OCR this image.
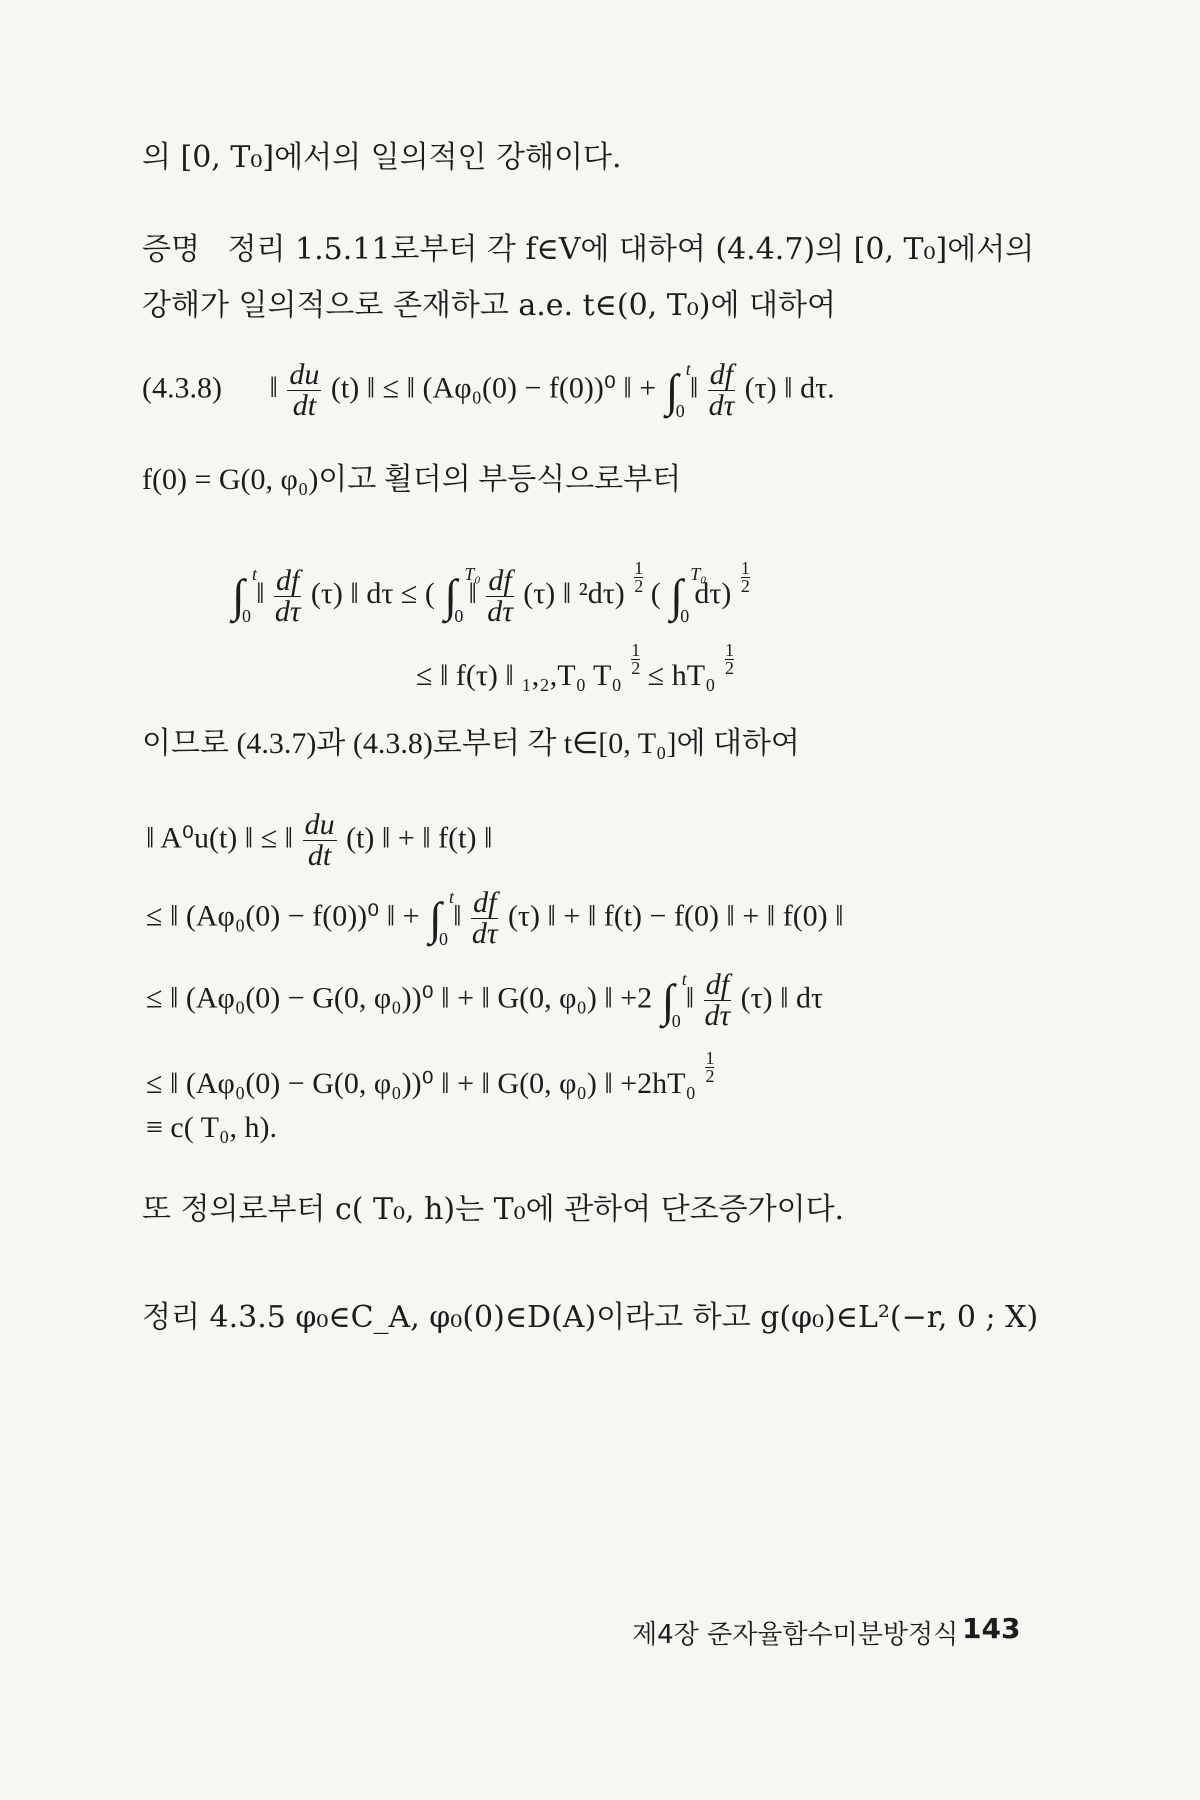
의 [0, T₀]에서의 일의적인 강해이다.
증명 정리 1.5.11로부터 각 f∈V에 대하여 (4.4.7)의 [0, T₀]에서의
강해가 일의적으로 존재하고 a.e. t∈(0, T₀)에 대하여
(4.3.8) ‖ $\frac{du}{dt} (t)$ ‖ ≤ ‖ (Aφ₀(0) − f(0))⁰ ‖ + ∫ t
0
‖ $\frac{df}{d\tau} (\tau)$ ‖ dτ.
f(0) = G(0, φ₀)이고 횔더의 부등식으로부터
∫ t
0
‖ $\frac{df}{d\tau} (\tau)$ ‖ dτ ≤ ( ∫ T₀
0
‖ $\frac{df}{d\tau} (\tau)$ ‖ $^2d\tau) \frac{1}{2}$ ( ∫ T₀
0
$d\tau) \frac{1}{2}$
≤ ‖ f(τ) ‖ ₁,₂,T₀ $T_0 \frac{1}{2} \le hT_0 \frac{1}{2}$
이므로 (4.3.7)과 (4.3.8)로부터 각 t∈[0, T₀]에 대하여
‖ A⁰u(t) ‖ ≤ ‖ $\frac{du}{dt} (t)$ ‖ + ‖ f(t) ‖
≤ ‖ (Aφ₀(0) − f(0))⁰ ‖ + ∫ t
0
‖ $\frac{df}{d\tau} (\tau)$ ‖ + ‖ f(t) − f(0) ‖ + ‖ f(0) ‖
≤ ‖ (Aφ₀(0) − G(0, φ₀))⁰ ‖ + ‖ G(0, φ₀) ‖ +2 ∫ t
0
‖ $\frac{df}{d\tau} (\tau)$ ‖ dτ
≤ ‖ (Aφ₀(0) − G(0, φ₀))⁰ ‖ + ‖ G(0, φ₀) ‖ $+2hT_0 \frac{1}{2}$
≡ c( T₀, h).
또 정의로부터 c( T₀, h)는 T₀에 관하여 단조증가이다.
정리 4.3.5 φ₀∈C_A, φ₀(0)∈D(A)이라고 하고 g(φ₀)∈L²(−r, 0 ; X)
제4장 준자율함수미분방정식 143
